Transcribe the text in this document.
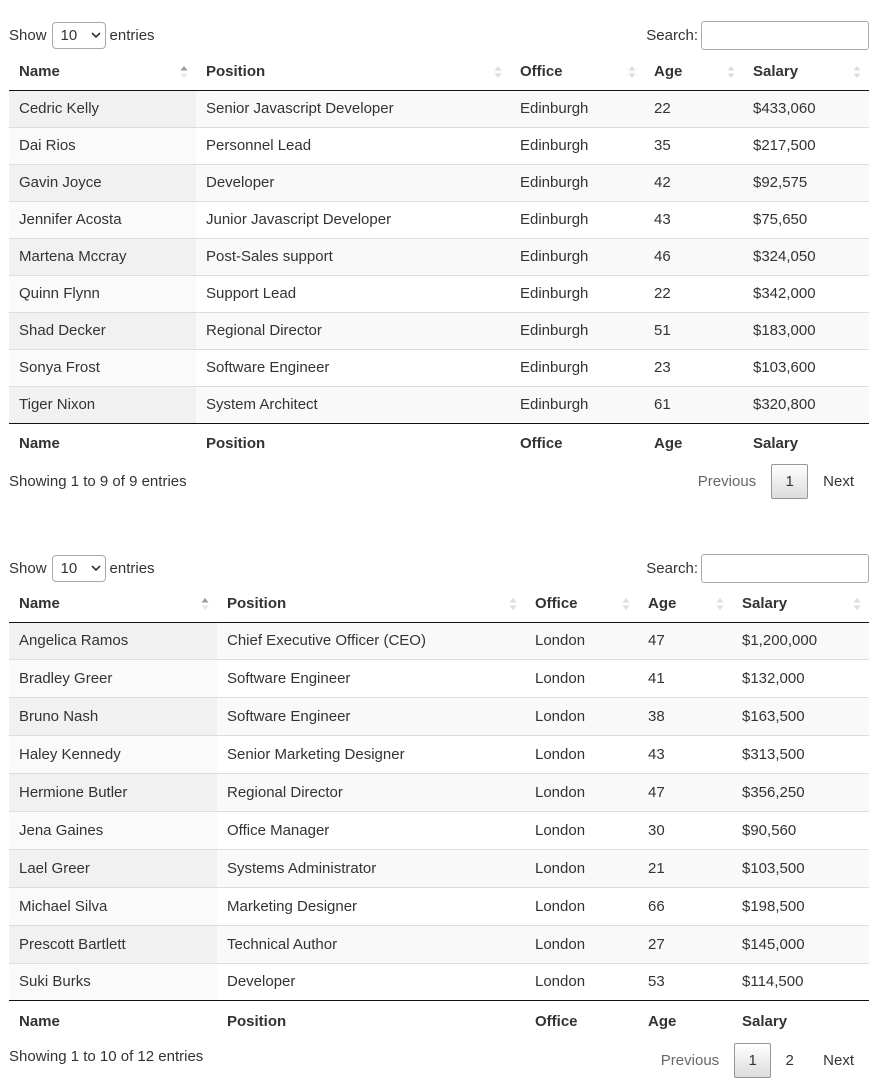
Show 10 entries	Search:
Name	Position	Office	Age	Salary

Cedric Kelly	Senior Javascript Developer	Edinburgh	22	$433,060
Dai Rios	Personnel Lead	Edinburgh	35	$217,500
Gavin Joyce	Developer	Edinburgh	42	$92,575
Jennifer Acosta	Junior Javascript Developer	Edinburgh	43	$75,650
Martena Mccray	Post-Sales support	Edinburgh	46	$324,050
Quinn Flynn	Support Lead	Edinburgh	22	$342,000
Shad Decker	Regional Director	Edinburgh	51	$183,000
Sonya Frost	Software Engineer	Edinburgh	23	$103,600
Tiger Nixon	System Architect	Edinburgh	61	$320,800
Name	Position	Office	Age	Salary
Showing 1 to 9 of 9 entries	Previous	1	Next
Show 10 entries	Search:
Name	Position	Office	Age	Salary

Angelica Ramos	Chief Executive Officer (CEO)	London	47	$1,200,000
Bradley Greer	Software Engineer	London	41	$132,000
Bruno Nash	Software Engineer	London	38	$163,500
Haley Kennedy	Senior Marketing Designer	London	43	$313,500
Hermione Butler	Regional Director	London	47	$356,250
Jena Gaines	Office Manager	London	30	$90,560
Lael Greer	Systems Administrator	London	21	$103,500
Michael Silva	Marketing Designer	London	66	$198,500
Prescott Bartlett	Technical Author	London	27	$145,000
Suki Burks	Developer	London	53	$114,500
Name	Position	Office	Age	Salary
Showing 1 to 10 of 12 entries	Previous	1	2	Next
